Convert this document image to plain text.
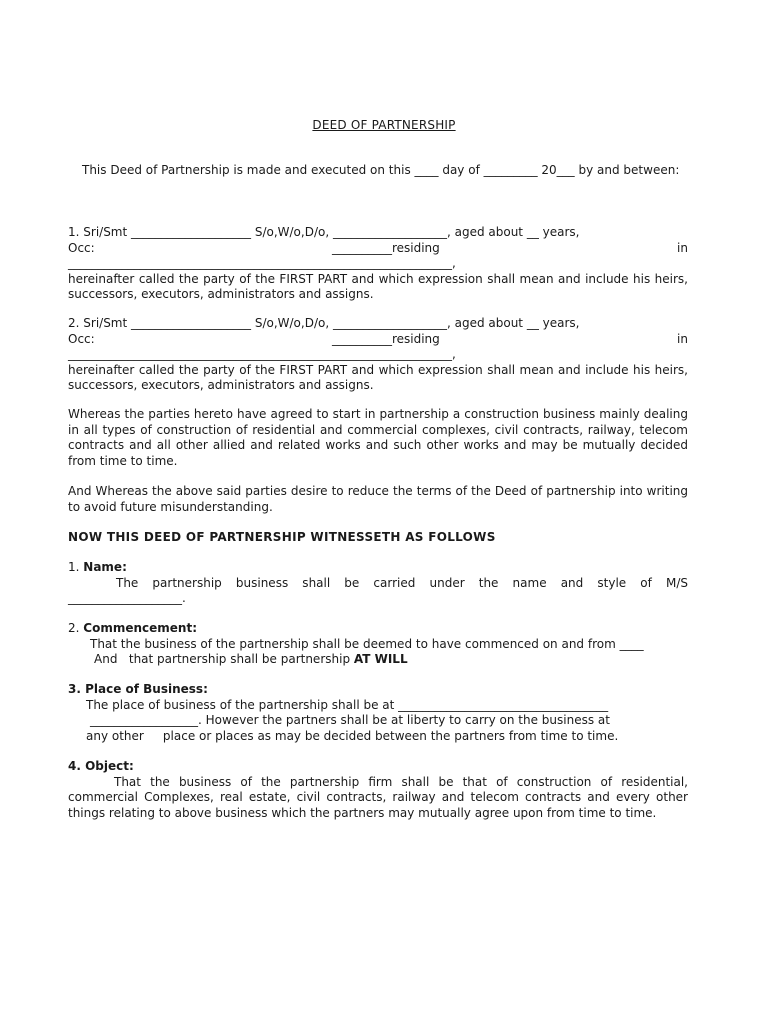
DEED OF PARTNERSHIP
This Deed of Partnership is made and executed on this ____ day of _________ 20___ by and between:
1. Sri/Smt ____________________ S/o,W/o,D/o, ___________________, aged about __ years,
Occ:	__________residing	in
________________________________________________________________,
hereinafter called the party of the FIRST PART and which expression shall mean and include his heirs, successors, executors, administrators and assigns.
2. Sri/Smt ____________________ S/o,W/o,D/o, ___________________, aged about __ years,
Occ:	__________residing	in
________________________________________________________________,
hereinafter called the party of the FIRST PART and which expression shall mean and include his heirs, successors, executors, administrators and assigns.
Whereas the parties hereto have agreed to start in partnership a construction business mainly dealing in all types of construction of residential and commercial complexes, civil contracts, railway, telecom contracts and all other allied and related works and such other works and may be mutually decided from time to time.
And Whereas the above said parties desire to reduce the terms of the Deed of partnership into writing to avoid future misunderstanding.
NOW THIS DEED OF PARTNERSHIP WITNESSETH AS FOLLOWS
1. Name:
The partnership business shall be carried under the name and style of M/S
___________________.
2. Commencement:
That the business of the partnership shall be deemed to have commenced on and from ____
And   that partnership shall be partnership AT WILL
3. Place of Business:
The place of business of the partnership shall be at ___________________________________
__________________. However the partners shall be at liberty to carry on the business at
any other     place or places as may be decided between the partners from time to time.
4. Object:
That the business of the partnership firm shall be that of construction of residential, commercial Complexes, real estate, civil contracts, railway and telecom contracts and every other things relating to above business which the partners may mutually agree upon from time to time.
